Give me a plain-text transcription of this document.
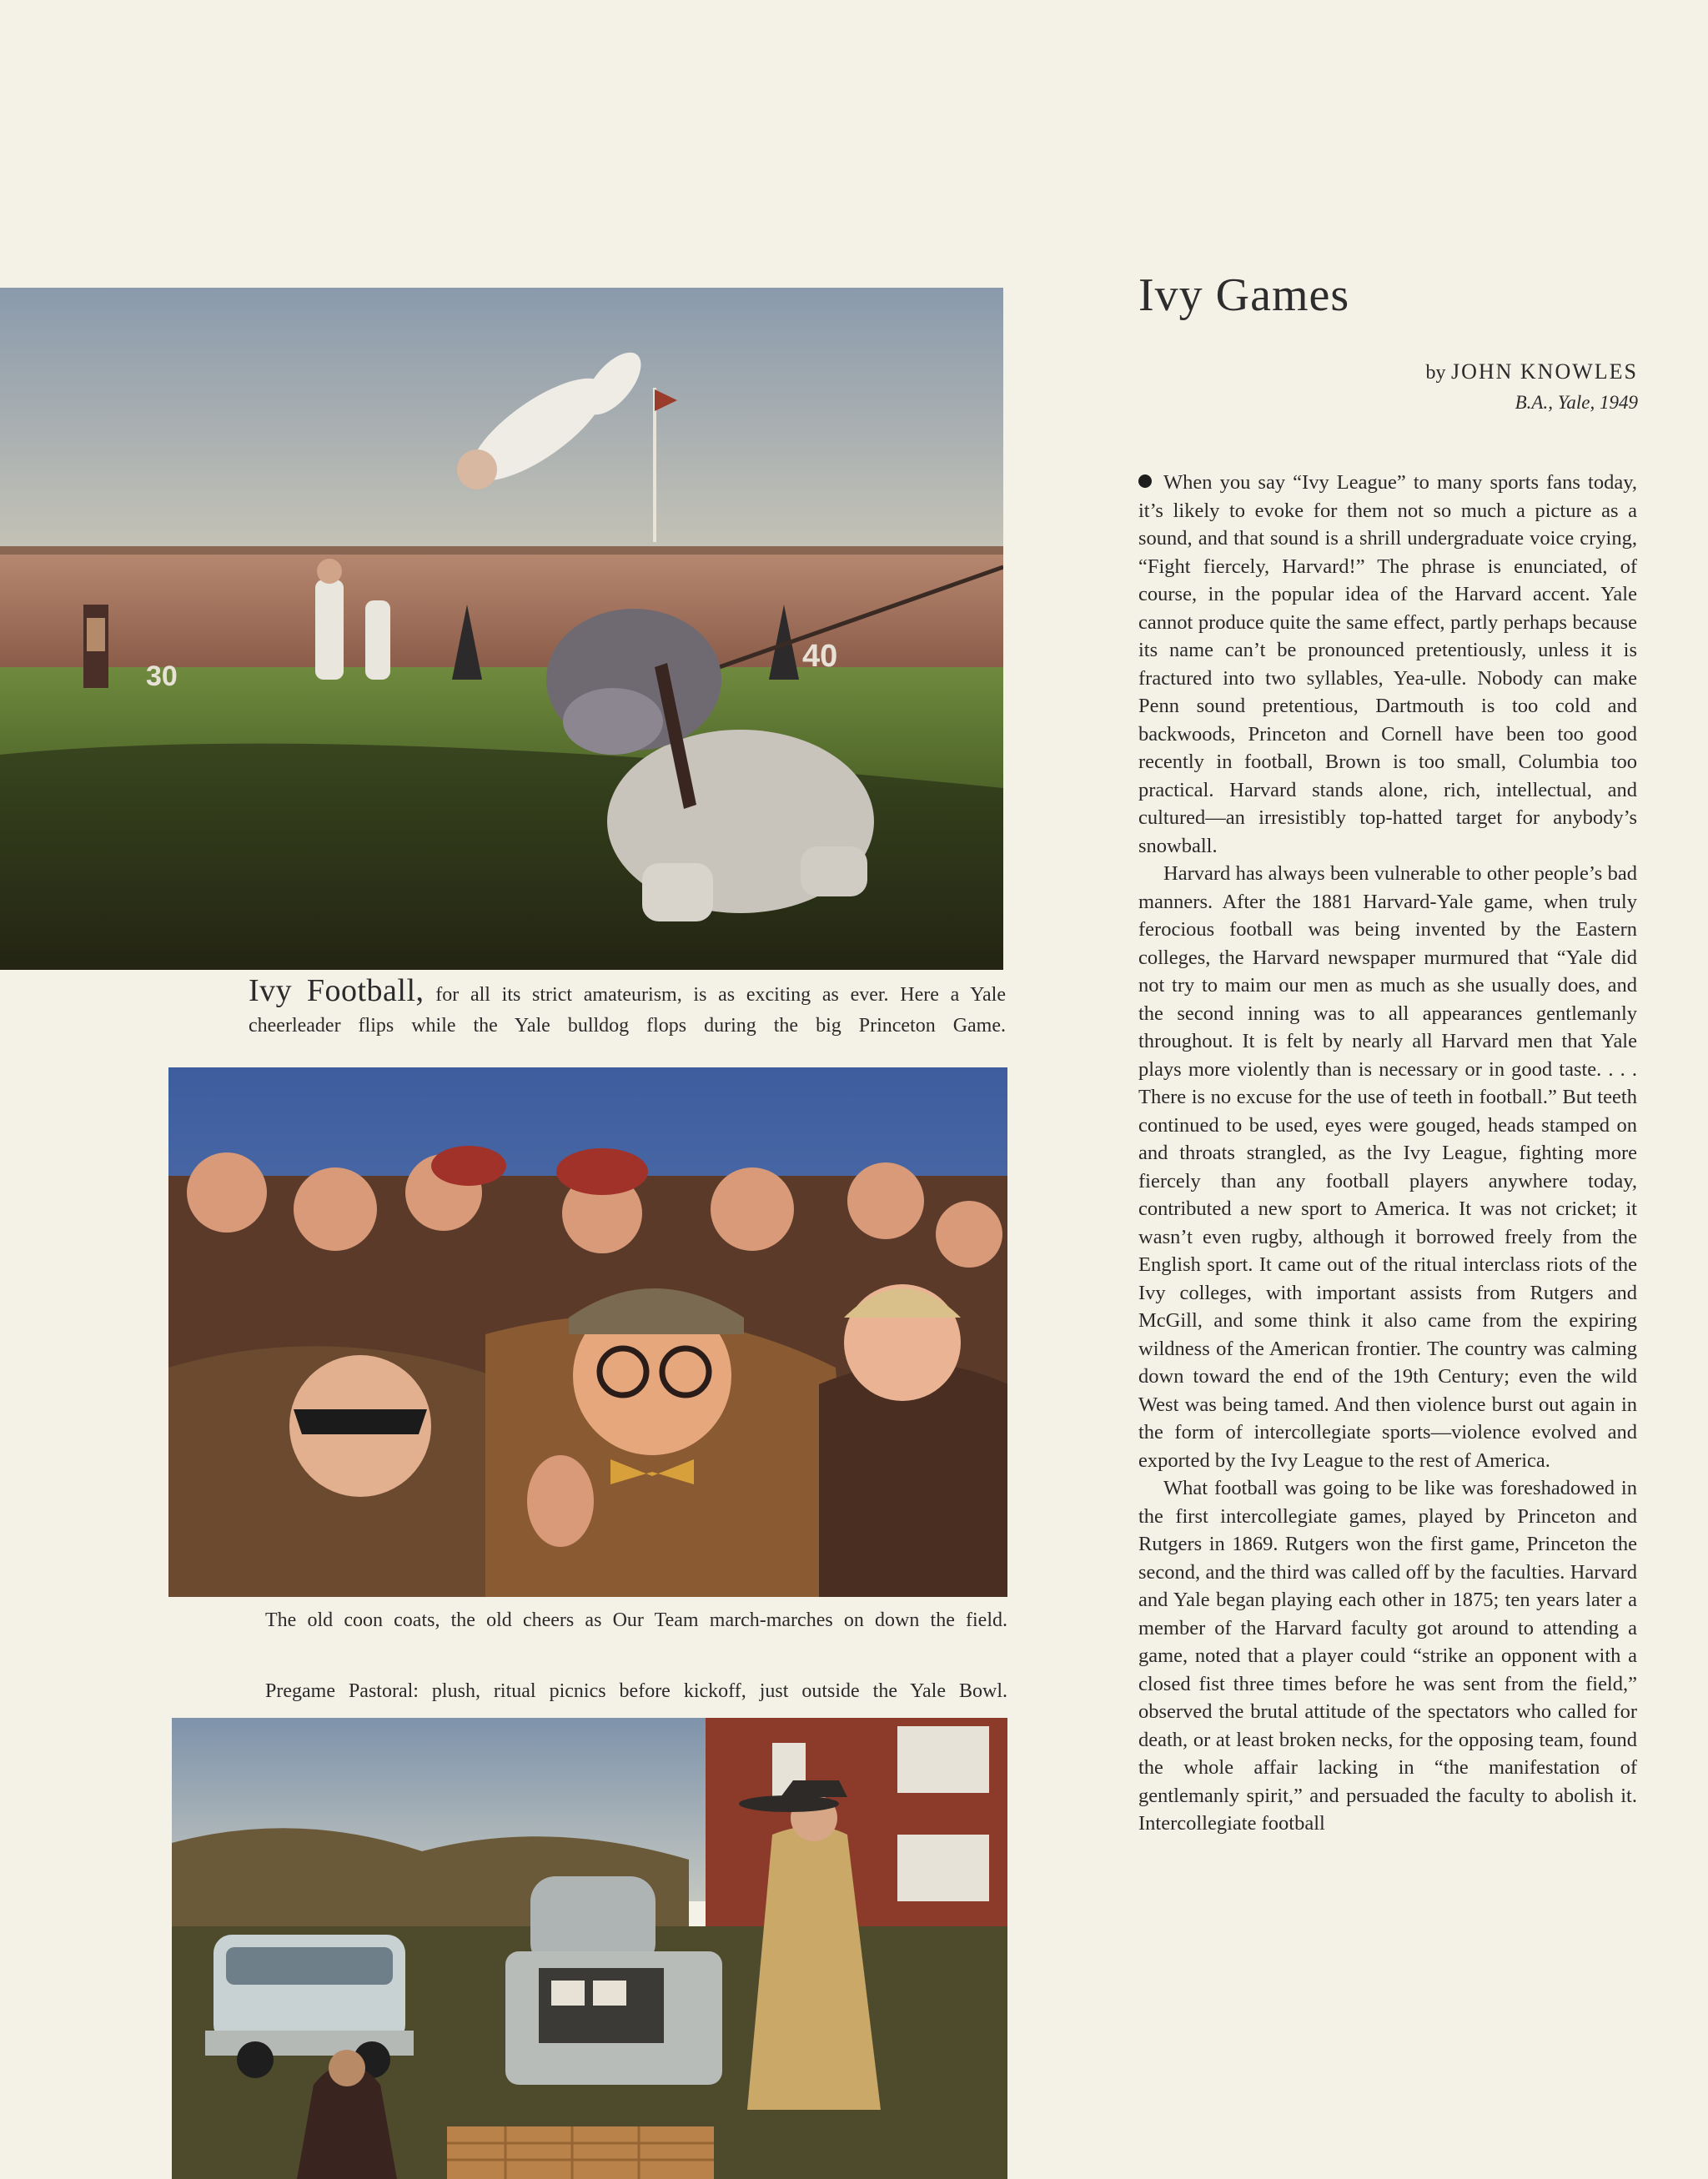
30
40
Ivy Football, for all its strict amateurism, is as exciting as ever. Here a Yale cheerleader flips while the Yale bulldog flops during the big Princeton Game.
The old coon coats, the old cheers as Our Team march-marches on down the field.
Pregame Pastoral: plush, ritual picnics before kickoff, just outside the Yale Bowl.
Ivy Games
by JOHN KNOWLES
B.A., Yale, 1949

When you say “Ivy League” to many sports fans today, it’s likely to evoke for them not so much a picture as a sound, and that sound is a shrill undergraduate voice crying, “Fight fiercely, Harvard!” The phrase is enunciated, of course, in the popular idea of the Harvard accent. Yale cannot produce quite the same effect, partly perhaps because its name can’t be pronounced pretentiously, unless it is fractured into two syllables, Yea-ulle. Nobody can make Penn sound pretentious, Dartmouth is too cold and backwoods, Princeton and Cornell have been too good recently in football, Brown is too small, Columbia too practical. Harvard stands alone, rich, intellectual, and cultured—an irresistibly top-hatted target for anybody’s snowball.

Harvard has always been vulnerable to other people’s bad manners. After the 1881 Harvard-Yale game, when truly ferocious football was being invented by the Eastern colleges, the Harvard newspaper murmured that “Yale did not try to maim our men as much as she usually does, and the second inning was to all appearances gentlemanly throughout. It is felt by nearly all Harvard men that Yale plays more violently than is necessary or in good taste. . . . There is no excuse for the use of teeth in football.” But teeth continued to be used, eyes were gouged, heads stamped on and throats strangled, as the Ivy League, fighting more fiercely than any football players anywhere today, contributed a new sport to America. It was not cricket; it wasn’t even rugby, although it borrowed freely from the English sport. It came out of the ritual interclass riots of the Ivy colleges, with important assists from Rutgers and McGill, and some think it also came from the expiring wildness of the American frontier. The country was calming down toward the end of the 19th Century; even the wild West was being tamed. And then violence burst out again in the form of intercollegiate sports—violence evolved and exported by the Ivy League to the rest of America.

What football was going to be like was foreshadowed in the first intercollegiate games, played by Princeton and Rutgers in 1869. Rutgers won the first game, Princeton the second, and the third was called off by the faculties. Harvard and Yale began playing each other in 1875; ten years later a member of the Harvard faculty got around to attending a game, noted that a player could “strike an opponent with a closed fist three times before he was sent from the field,” observed the brutal attitude of the spectators who called for death, or at least broken necks, for the opposing team, found the whole affair lacking in “the manifestation of gentlemanly spirit,” and persuaded the faculty to abolish it. Intercollegiate football
